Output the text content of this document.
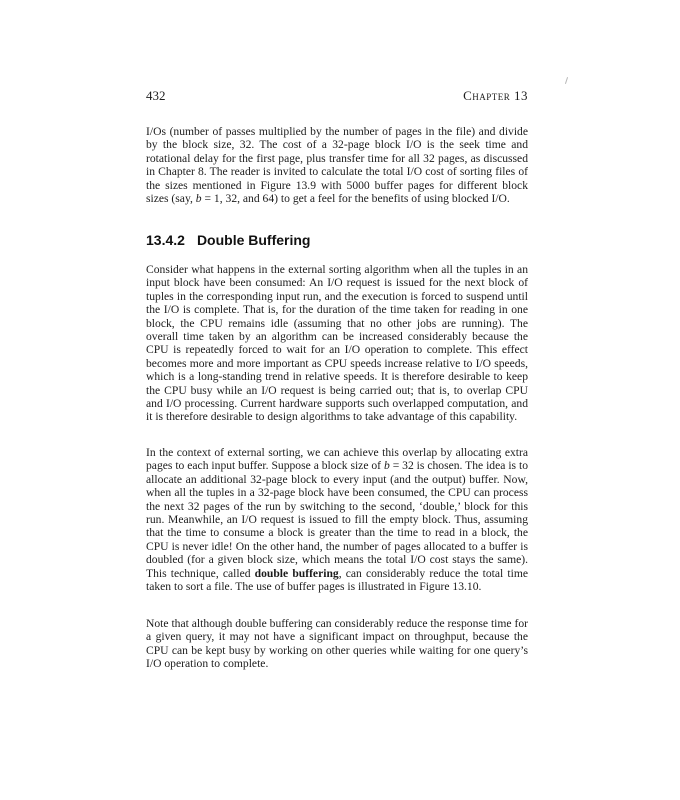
432	Chapter 13

I/Os (number of passes multiplied by the number of pages in the file) and divide by the block size, 32. The cost of a 32-page block I/O is the seek time and rotational delay for the first page, plus transfer time for all 32 pages, as discussed in Chapter 8. The reader is invited to calculate the total I/O cost of sorting files of the sizes mentioned in Figure 13.9 with 5000 buffer pages for different block sizes (say, b = 1, 32, and 64) to get a feel for the benefits of using blocked I/O.

13.4.2 Double Buffering

Consider what happens in the external sorting algorithm when all the tuples in an input block have been consumed: An I/O request is issued for the next block of tuples in the corresponding input run, and the execution is forced to suspend until the I/O is complete. That is, for the duration of the time taken for reading in one block, the CPU remains idle (assuming that no other jobs are running). The overall time taken by an algorithm can be increased considerably because the CPU is repeatedly forced to wait for an I/O operation to complete. This effect becomes more and more important as CPU speeds increase relative to I/O speeds, which is a long-standing trend in relative speeds. It is therefore desirable to keep the CPU busy while an I/O request is being carried out; that is, to overlap CPU and I/O processing. Current hardware supports such overlapped computation, and it is therefore desirable to design algorithms to take advantage of this capability.

In the context of external sorting, we can achieve this overlap by allocating extra pages to each input buffer. Suppose a block size of b = 32 is chosen. The idea is to allocate an additional 32-page block to every input (and the output) buffer. Now, when all the tuples in a 32-page block have been consumed, the CPU can process the next 32 pages of the run by switching to the second, ‘double,’ block for this run. Meanwhile, an I/O request is issued to fill the empty block. Thus, assuming that the time to consume a block is greater than the time to read in a block, the CPU is never idle! On the other hand, the number of pages allocated to a buffer is doubled (for a given block size, which means the total I/O cost stays the same). This technique, called double buffering, can considerably reduce the total time taken to sort a file. The use of buffer pages is illustrated in Figure 13.10.

Note that although double buffering can considerably reduce the response time for a given query, it may not have a significant impact on throughput, because the CPU can be kept busy by working on other queries while waiting for one query’s I/O operation to complete.
